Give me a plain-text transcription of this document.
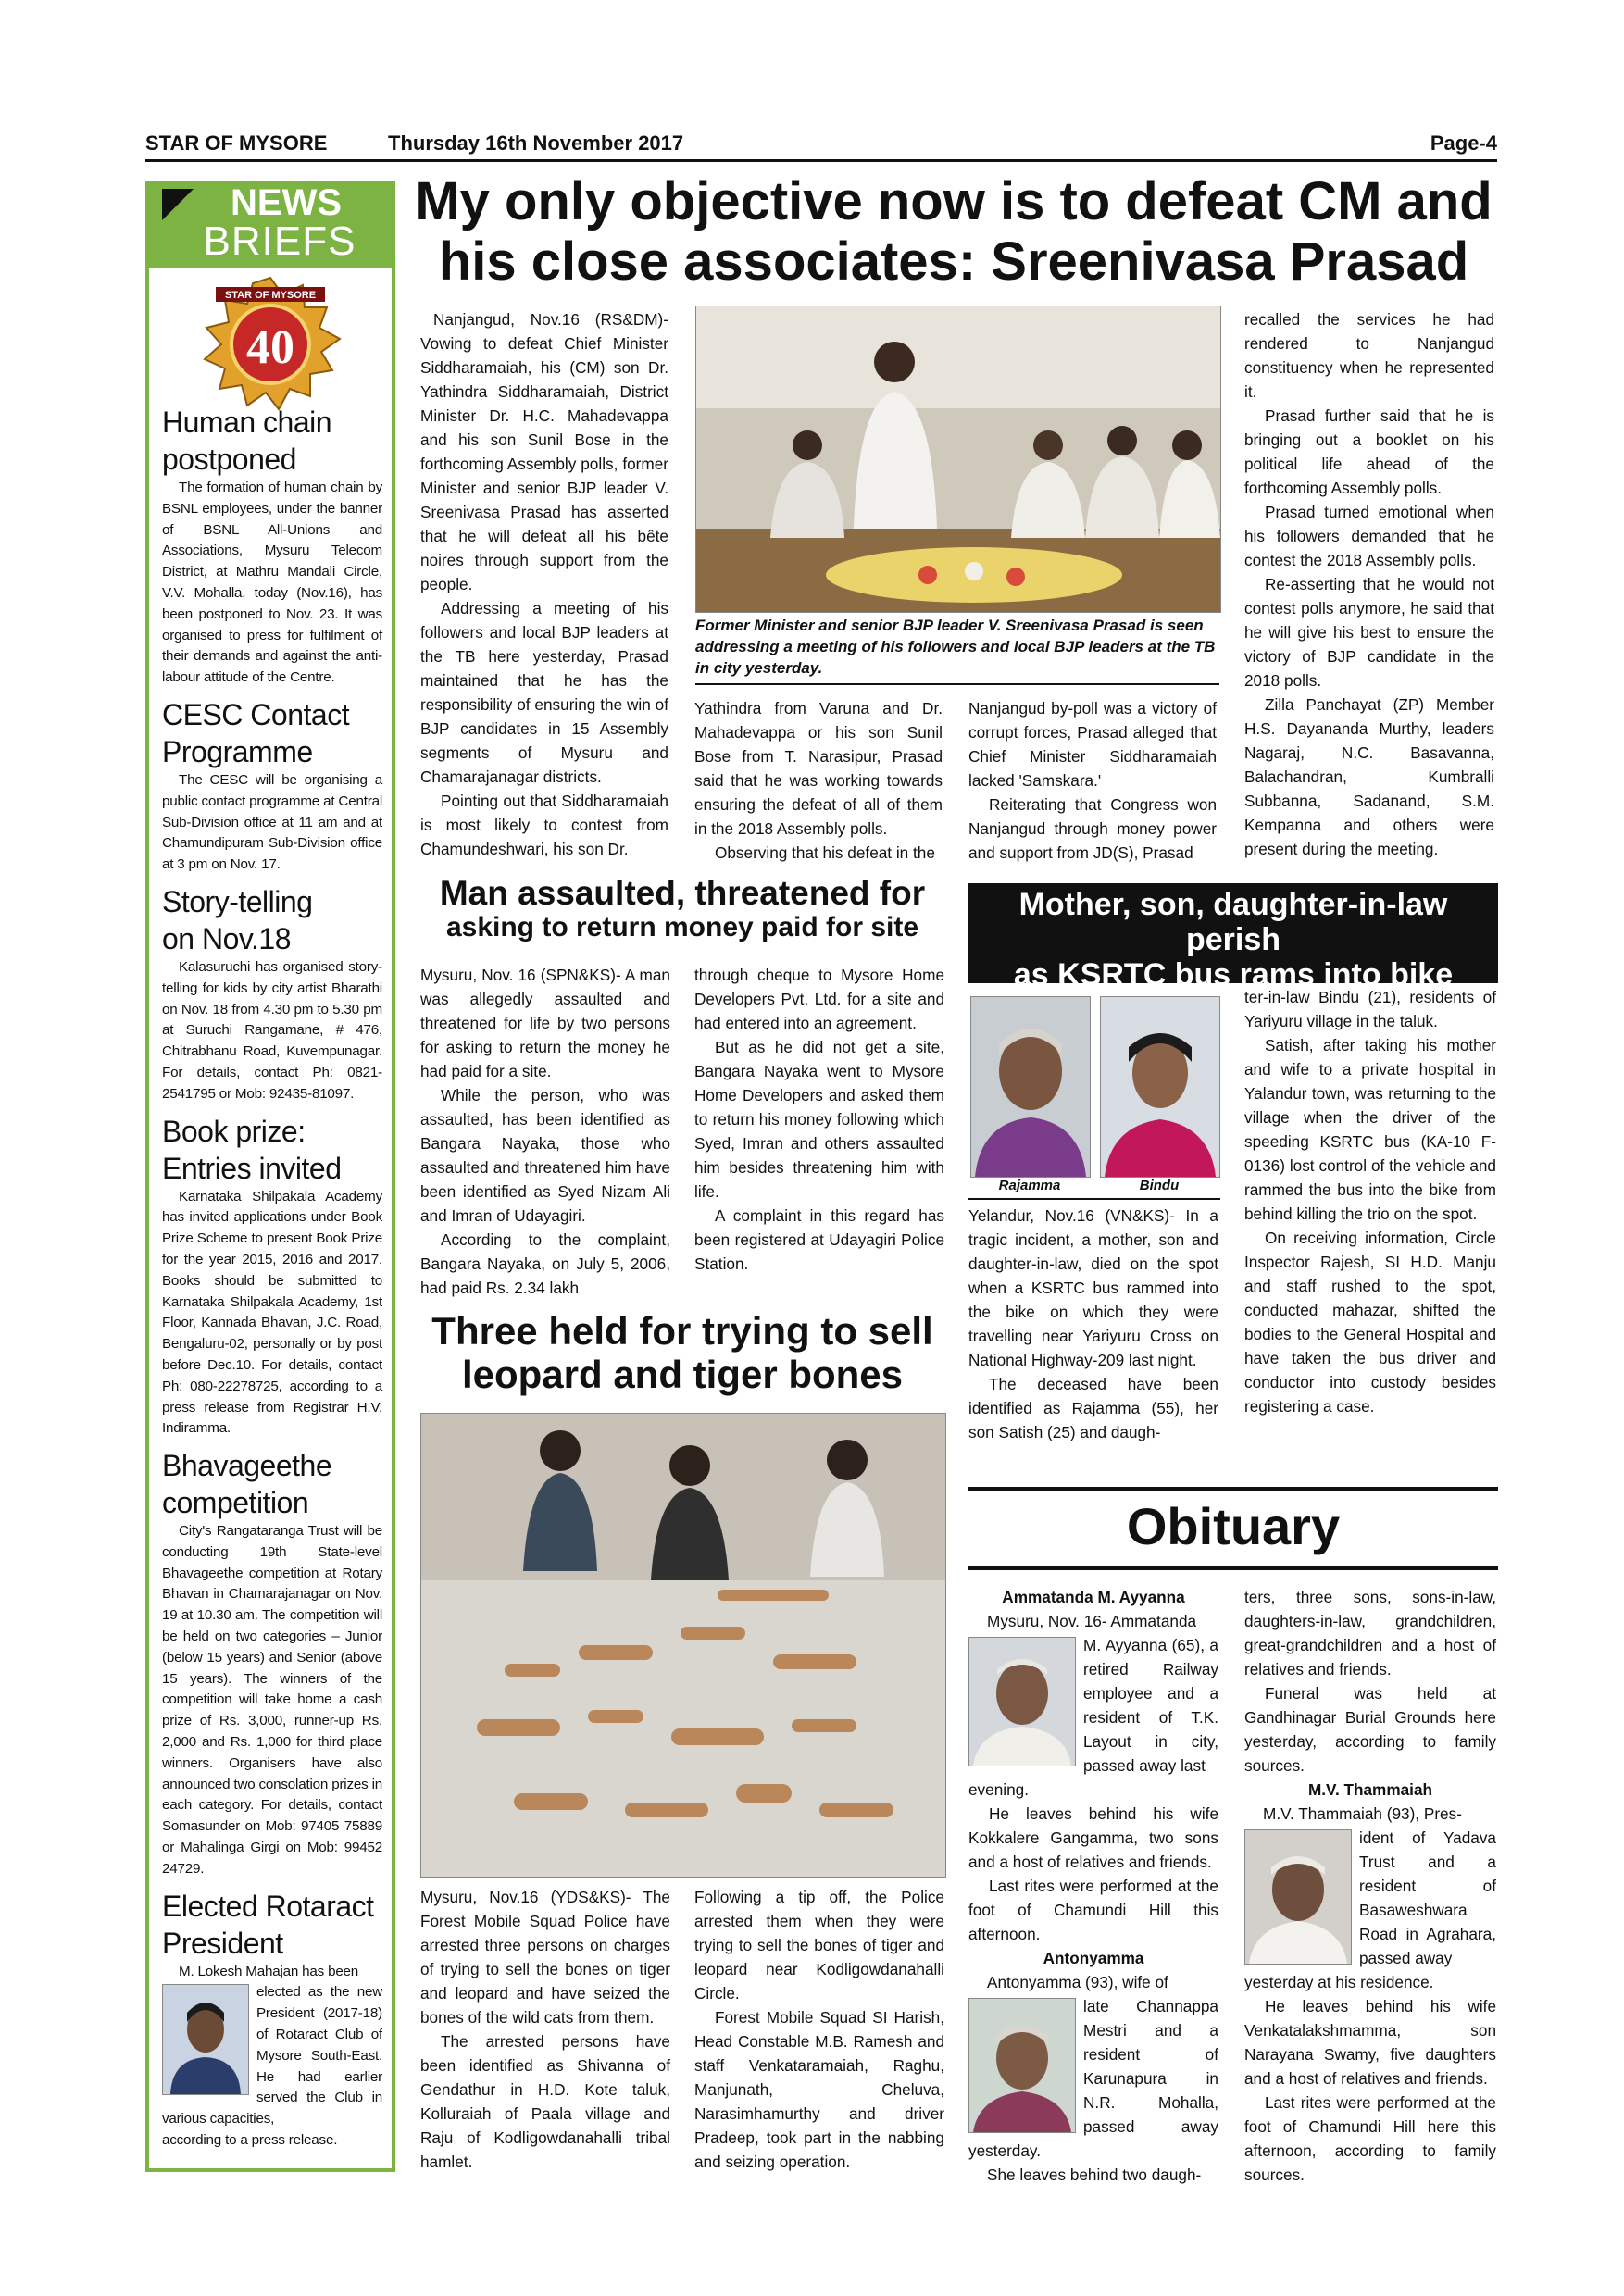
STAR OF MYSORE	Thursday 16th November 2017	Page-4
NEWS
BRIEFS
STAR OF MYSORE
40

Human chain

postponed

The formation of human chain by BSNL employees, under the banner of BSNL All-Unions and Associations, Mysuru Telecom District, at Mathru Mandali Circle, V.V. Mohalla, today (Nov.16), has been postponed to Nov. 23. It was organised to press for fulfilment of their demands and against the anti-labour attitude of the Centre.

CESC Contact

Programme

The CESC will be organising a public contact programme at Central Sub-Division office at 11 am and at Chamundipuram Sub-Division office at 3 pm on Nov. 17.

Story-telling

on Nov.18

Kalasuruchi has organised story-telling for kids by city artist Bharathi on Nov. 18 from 4.30 pm to 5.30 pm at Suruchi Rangamane, # 476, Chitrabhanu Road, Kuvempunagar. For details, contact Ph: 0821-2541795 or Mob: 92435-81097.

Book prize:

Entries invited

Karnataka Shilpakala Academy has invited applications under Book Prize Scheme to present Book Prize for the year 2015, 2016 and 2017. Books should be submitted to Karnataka Shilpakala Academy, 1st Floor, Kannada Bhavan, J.C. Road, Bengaluru-02, personally or by post before Dec.10. For details, contact Ph: 080-22278725, according to a press release from Registrar H.V. Indiramma.

Bhavageethe

competition

City's Rangataranga Trust will be conducting 19th State-level Bhavageethe competition at Rotary Bhavan in Chamarajanagar on Nov. 19 at 10.30 am. The competition will be held on two categories – Junior (below 15 years) and Senior (above 15 years). The winners of the competition will take home a cash prize of Rs. 3,000, runner-up Rs. 2,000 and Rs. 1,000 for third place winners. Organisers have also announced two consolation prizes in each category. For details, contact Somasunder on Mob: 97405 75889 or Mahalinga Girgi on Mob: 99452 24729.

Elected Rotaract

President

M. Lokesh Mahajan has been

elected as the new President (2017-18) of Rotaract Club of Mysore South-East. He had earlier served the Club in various capacities,

according to a press release.

My only objective now is to defeat CM and

his close associates: Sreenivasa Prasad

Nanjangud, Nov.16 (RS&DM)- Vowing to defeat Chief Minister Siddharamaiah, his (CM) son Dr. Yathindra Siddharamaiah, District Minister Dr. H.C. Mahadevappa and his son Sunil Bose in the forthcoming Assembly polls, former Minister and senior BJP leader V. Sreenivasa Prasad has asserted that he will defeat all his bête noires through support from the people.

Addressing a meeting of his followers and local BJP leaders at the TB here yesterday, Prasad maintained that he has the responsibility of ensuring the win of BJP candidates in 15 Assembly segments of Mysuru and Chamarajanagar districts.

Pointing out that Siddharamaiah is most likely to contest from Chamundeshwari, his son Dr.

Former Minister and senior BJP leader V. Sreenivasa Prasad is seen addressing a meeting of his followers and local BJP leaders at the TB in city yesterday.

Yathindra from Varuna and Dr. Mahadevappa or his son Sunil Bose from T. Narasipur, Prasad said that he was working towards ensuring the defeat of all of them in the 2018 Assembly polls.

Observing that his defeat in the

Nanjangud by-poll was a victory of corrupt forces, Prasad alleged that Chief Minister Siddharamaiah lacked 'Samskara.'

Reiterating that Congress won Nanjangud through money power and support from JD(S), Prasad

recalled the services he had rendered to Nanjangud constituency when he represented it.

Prasad further said that he is bringing out a booklet on his political life ahead of the forthcoming Assembly polls.

Prasad turned emotional when his followers demanded that he contest the 2018 Assembly polls.

Re-asserting that he would not contest polls anymore, he said that he will give his best to ensure the victory of BJP candidate in the 2018 polls.

Zilla Panchayat (ZP) Member H.S. Dayananda Murthy, leaders Nagaraj, N.C. Basavanna, Balachandran, Kumbralli Subbanna, Sadanand, S.M. Kempanna and others were present during the meeting.

Man assaulted, threatened for

asking to return money paid for site

Mysuru, Nov. 16 (SPN&KS)- A man was allegedly assaulted and threatened for life by two persons for asking to return the money he had paid for a site.

While the person, who was assaulted, has been identified as Bangara Nayaka, those who assaulted and threatened him have been identified as Syed Nizam Ali and Imran of Udayagiri.

According to the complaint, Bangara Nayaka, on July 5, 2006, had paid Rs. 2.34 lakh

through cheque to Mysore Home Developers Pvt. Ltd. for a site and had entered into an agreement.

But as he did not get a site, Bangara Nayaka went to Mysore Home Developers and asked them to return his money following which Syed, Imran and others assaulted him besides threatening him with life.

A complaint in this regard has been registered at Udayagiri Police Station.

Mother, son, daughter-in-law perish

as KSRTC bus rams into bike

Rajamma	Bindu

Yelandur, Nov.16 (VN&KS)- In a tragic incident, a mother, son and daughter-in-law, died on the spot when a KSRTC bus rammed into the bike on which they were travelling near Yariyuru Cross on National Highway-209 last night.

The deceased have been identified as Rajamma (55), her son Satish (25) and daugh-

ter-in-law Bindu (21), residents of Yariyuru village in the taluk.

Satish, after taking his mother and wife to a private hospital in Yalandur town, was returning to the village when the driver of the speeding KSRTC bus (KA-10 F-0136) lost control of the vehicle and rammed the bus into the bike from behind killing the trio on the spot.

On receiving information, Circle Inspector Rajesh, SI H.D. Manju and staff rushed to the spot, conducted mahazar, shifted the bodies to the General Hospital and have taken the bus driver and conductor into custody besides registering a case.

Three held for trying to sell

leopard and tiger bones

Mysuru, Nov.16 (YDS&KS)- The Forest Mobile Squad Police have arrested three persons on charges of trying to sell the bones on tiger and leopard and have seized the bones of the wild cats from them.

The arrested persons have been identified as Shivanna of Gendathur in H.D. Kote taluk, Kolluraiah of Paala village and Raju of Kodligowdanahalli tribal hamlet.

Following a tip off, the Police arrested them when they were trying to sell the bones of tiger and leopard near Kodligowdanahalli Circle.

Forest Mobile Squad SI Harish, Head Constable M.B. Ramesh and staff Venkataramaiah, Raghu, Manjunath, Cheluva, Narasimhamurthy and driver Pradeep, took part in the nabbing and seizing operation.

Obituary
Ammatanda M. Ayyanna

Mysuru, Nov. 16- Ammatanda

M. Ayyanna (65), a retired Railway employee and a resident of T.K. Layout in city, passed away last

evening.

He leaves behind his wife Kokkalere Gangamma, two sons and a host of relatives and friends.

Last rites were performed at the foot of Chamundi Hill this afternoon.

Antonyamma

Antonyamma (93), wife of

late Channappa Mestri and a resident of Karunapura in N.R. Mohalla, passed away yesterday.

She leaves behind two daugh-

ters, three sons, sons-in-law, daughters-in-law, grandchildren, great-grandchildren and a host of relatives and friends.

Funeral was held at Gandhinagar Burial Grounds here yesterday, according to family sources.

M.V. Thammaiah

M.V. Thammaiah (93), Pres-

ident of Yadava Trust and a resident of Basaweshwara Road in Agrahara, passed away

yesterday at his residence.

He leaves behind his wife Venkatalakshmamma, son Narayana Swamy, five daughters and a host of relatives and friends.

Last rites were performed at the foot of Chamundi Hill here this afternoon, according to family sources.
